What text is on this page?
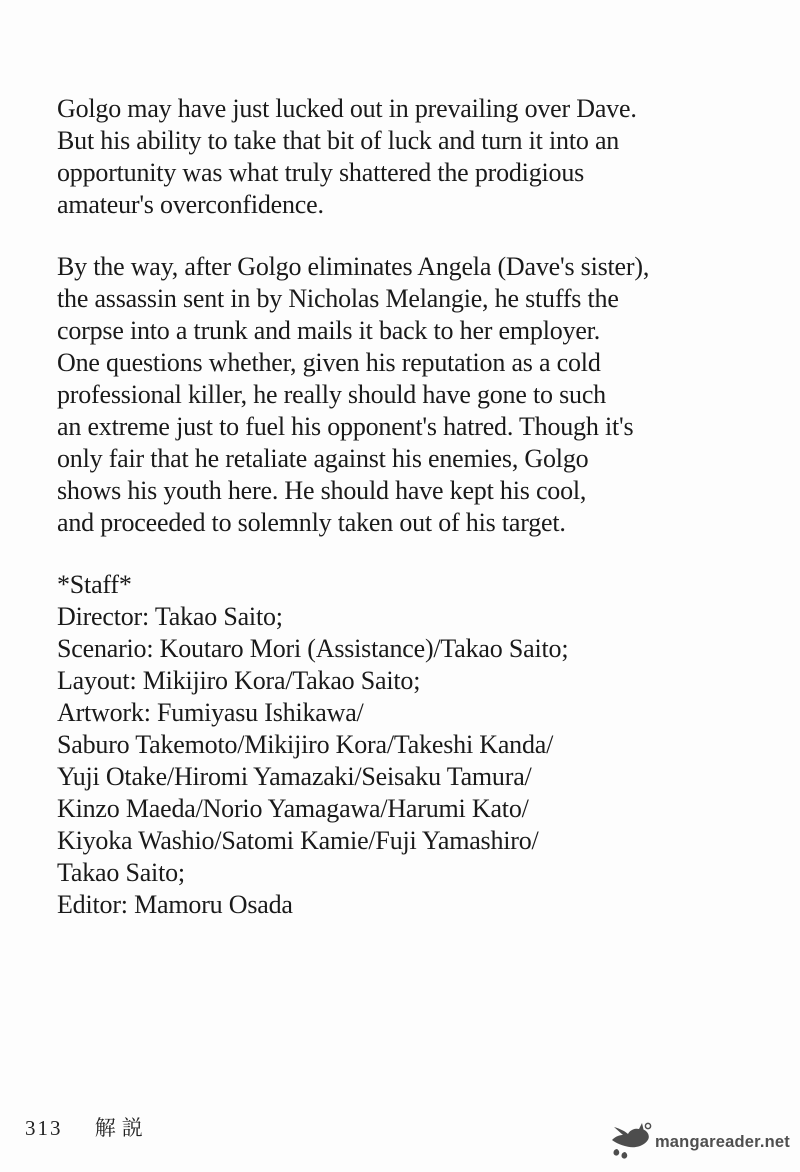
Golgo may have just lucked out in prevailing over Dave.
But his ability to take that bit of luck and turn it into an
opportunity was what truly shattered the prodigious
amateur's overconfidence.
By the way, after Golgo eliminates Angela (Dave's sister),
the assassin sent in by Nicholas Melangie, he stuffs the
corpse into a trunk and mails it back to her employer.
One questions whether, given his reputation as a cold
professional killer, he really should have gone to such
an extreme just to fuel his opponent's hatred. Though it's
only fair that he retaliate against his enemies, Golgo
shows his youth here. He should have kept his cool,
and proceeded to solemnly taken out of his target.
*Staff*
Director: Takao Saito;
Scenario: Koutaro Mori (Assistance)/Takao Saito;
Layout: Mikijiro Kora/Takao Saito;
Artwork: Fumiyasu Ishikawa/
Saburo Takemoto/Mikijiro Kora/Takeshi Kanda/
Yuji Otake/Hiromi Yamazaki/Seisaku Tamura/
Kinzo Maeda/Norio Yamagawa/Harumi Kato/
Kiyoka Washio/Satomi Kamie/Fuji Yamashiro/
Takao Saito;
Editor: Mamoru Osada
313 解説
mangareader.net
